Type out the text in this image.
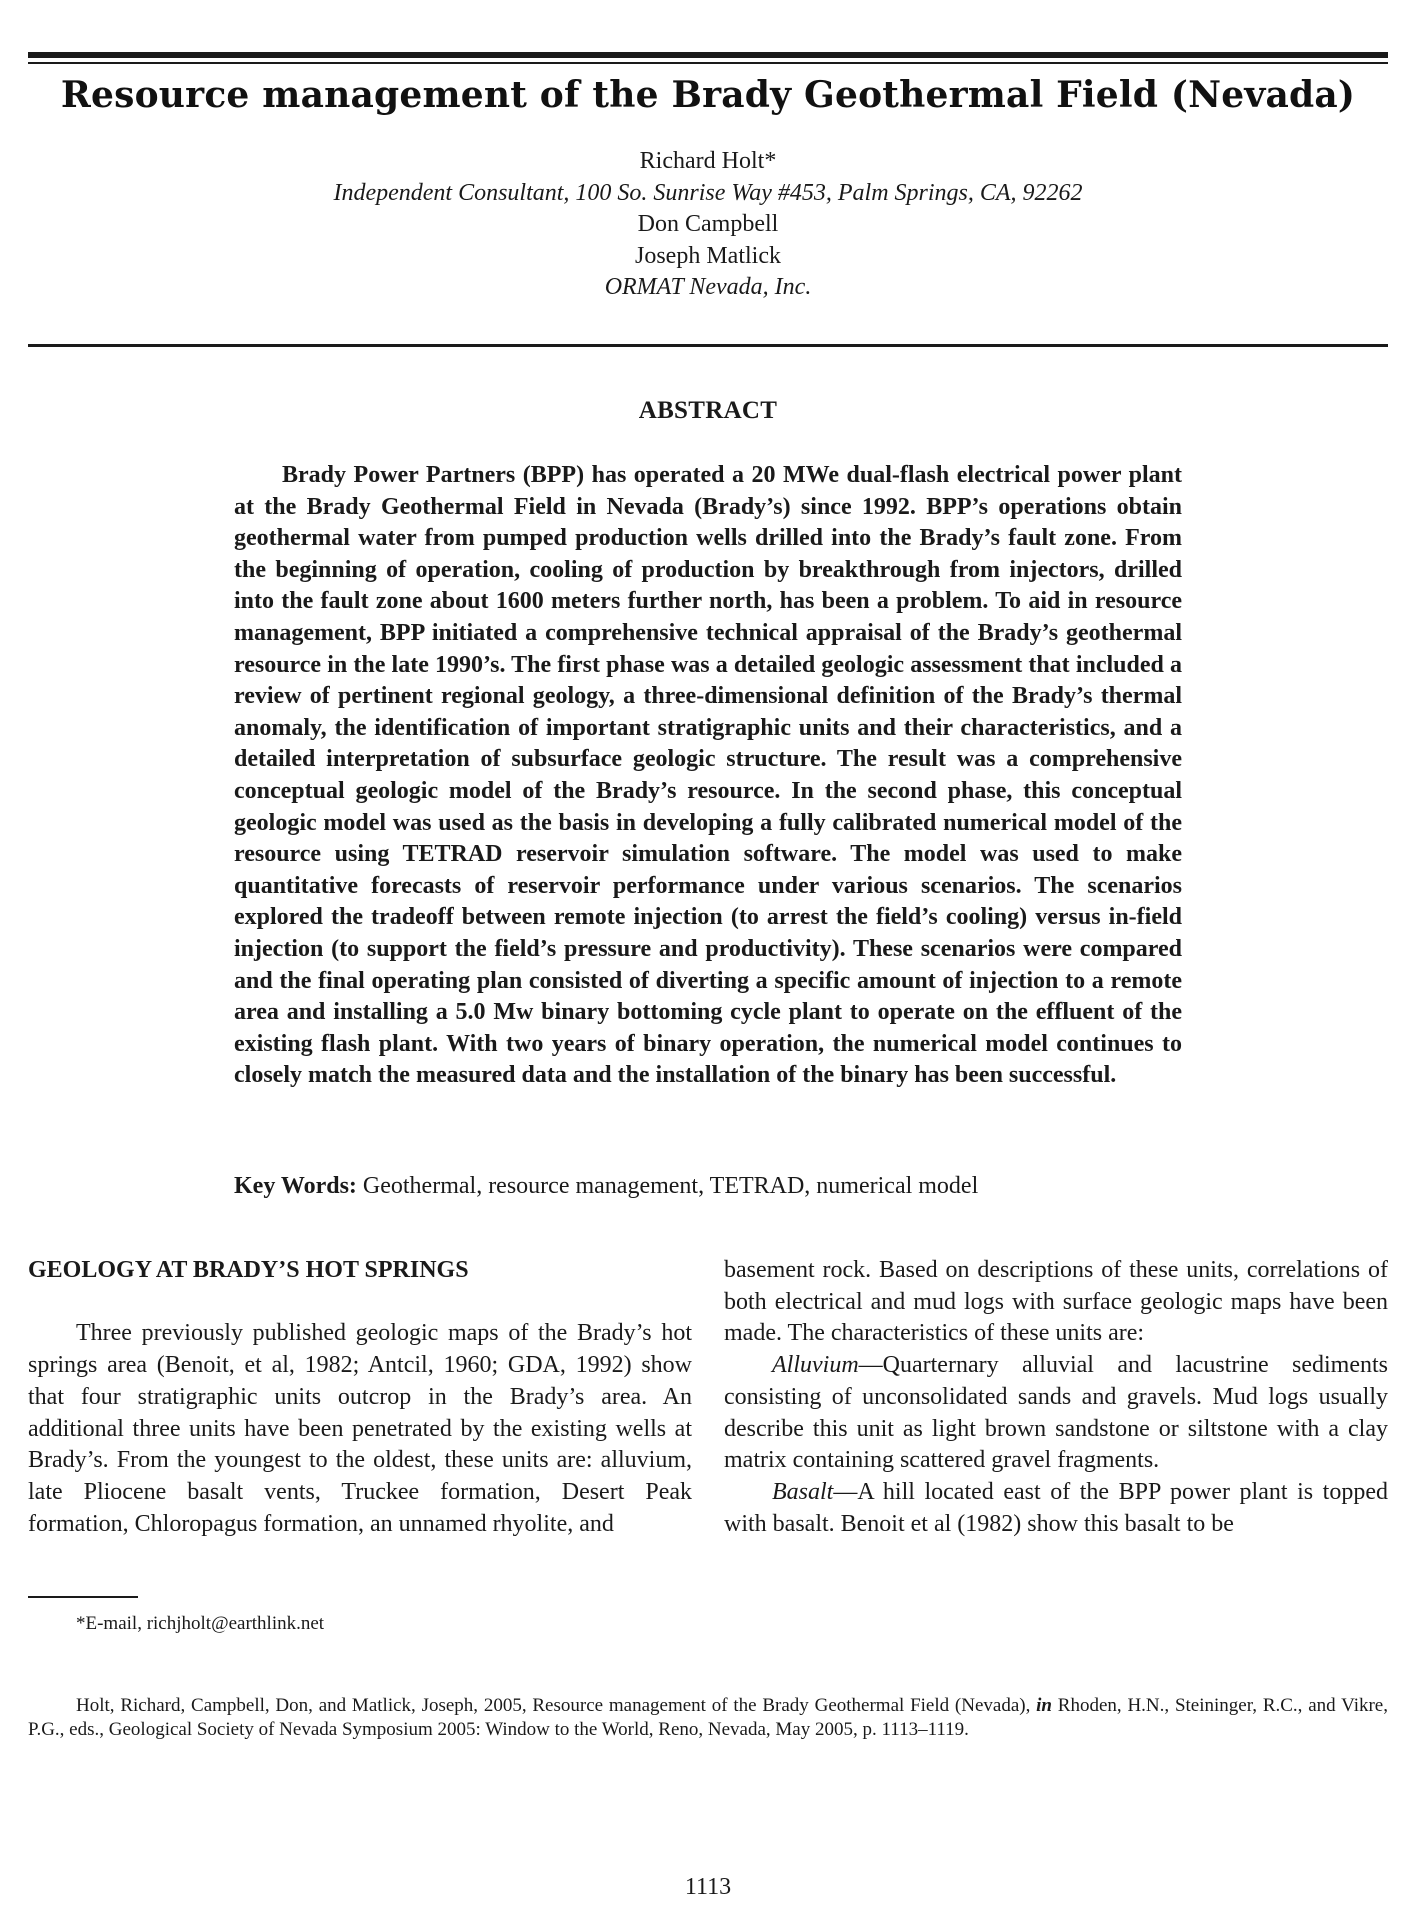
Resource management of the Brady Geothermal Field (Nevada)
Richard Holt*
Independent Consultant, 100 So. Sunrise Way #453, Palm Springs, CA, 92262
Don Campbell
Joseph Matlick
ORMAT Nevada, Inc.
ABSTRACT
Brady Power Partners (BPP) has operated a 20 MWe dual-flash electrical power plant at the Brady Geothermal Field in Nevada (Brady’s) since 1992. BPP’s operations obtain geothermal water from pumped production wells drilled into the Brady’s fault zone. From the beginning of operation, cooling of production by breakthrough from injectors, drilled into the fault zone about 1600 meters further north, has been a problem. To aid in resource management, BPP initiated a comprehensive technical appraisal of the Brady’s geothermal resource in the late 1990’s. The first phase was a detailed geologic assessment that included a review of pertinent regional geology, a three-dimensional definition of the Brady’s thermal anomaly, the identification of important stratigraphic units and their characteristics, and a detailed interpretation of subsurface geologic structure. The result was a comprehensive conceptual geologic model of the Brady’s resource. In the second phase, this conceptual geologic model was used as the basis in developing a fully calibrated numerical model of the resource using TETRAD reservoir simulation software. The model was used to make quantitative forecasts of reservoir performance under various scenarios. The scenarios explored the tradeoff between remote injection (to arrest the field’s cooling) versus in-field injection (to support the field’s pressure and productivity). These scenarios were compared and the final operating plan consisted of diverting a specific amount of injection to a remote area and installing a 5.0 Mw binary bottoming cycle plant to operate on the effluent of the existing flash plant. With two years of binary operation, the numerical model continues to closely match the measured data and the installation of the binary has been successful.
Key Words: Geothermal, resource management, TETRAD, numerical model
GEOLOGY AT BRADY’S HOT SPRINGS

Three previously published geologic maps of the Brady’s hot springs area (Benoit, et al, 1982; Antcil, 1960; GDA, 1992) show that four stratigraphic units outcrop in the Brady’s area. An additional three units have been penetrated by the existing wells at Brady’s. From the youngest to the oldest, these units are: alluvium, late Pliocene basalt vents, Truckee formation, Desert Peak formation, Chloropagus formation, an unnamed rhyolite, and

basement rock. Based on descriptions of these units, correlations of both electrical and mud logs with surface geologic maps have been made. The characteristics of these units are:

Alluvium—Quarternary alluvial and lacustrine sediments consisting of unconsolidated sands and gravels. Mud logs usually describe this unit as light brown sandstone or siltstone with a clay matrix containing scattered gravel fragments.

Basalt—A hill located east of the BPP power plant is topped with basalt. Benoit et al (1982) show this basalt to be

*E-mail, richjholt@earthlink.net
Holt, Richard, Campbell, Don, and Matlick, Joseph, 2005, Resource management of the Brady Geothermal Field (Nevada), in Rhoden, H.N., Steininger, R.C., and Vikre, P.G., eds., Geological Society of Nevada Symposium 2005: Window to the World, Reno, Nevada, May 2005, p. 1113–1119.
1113
